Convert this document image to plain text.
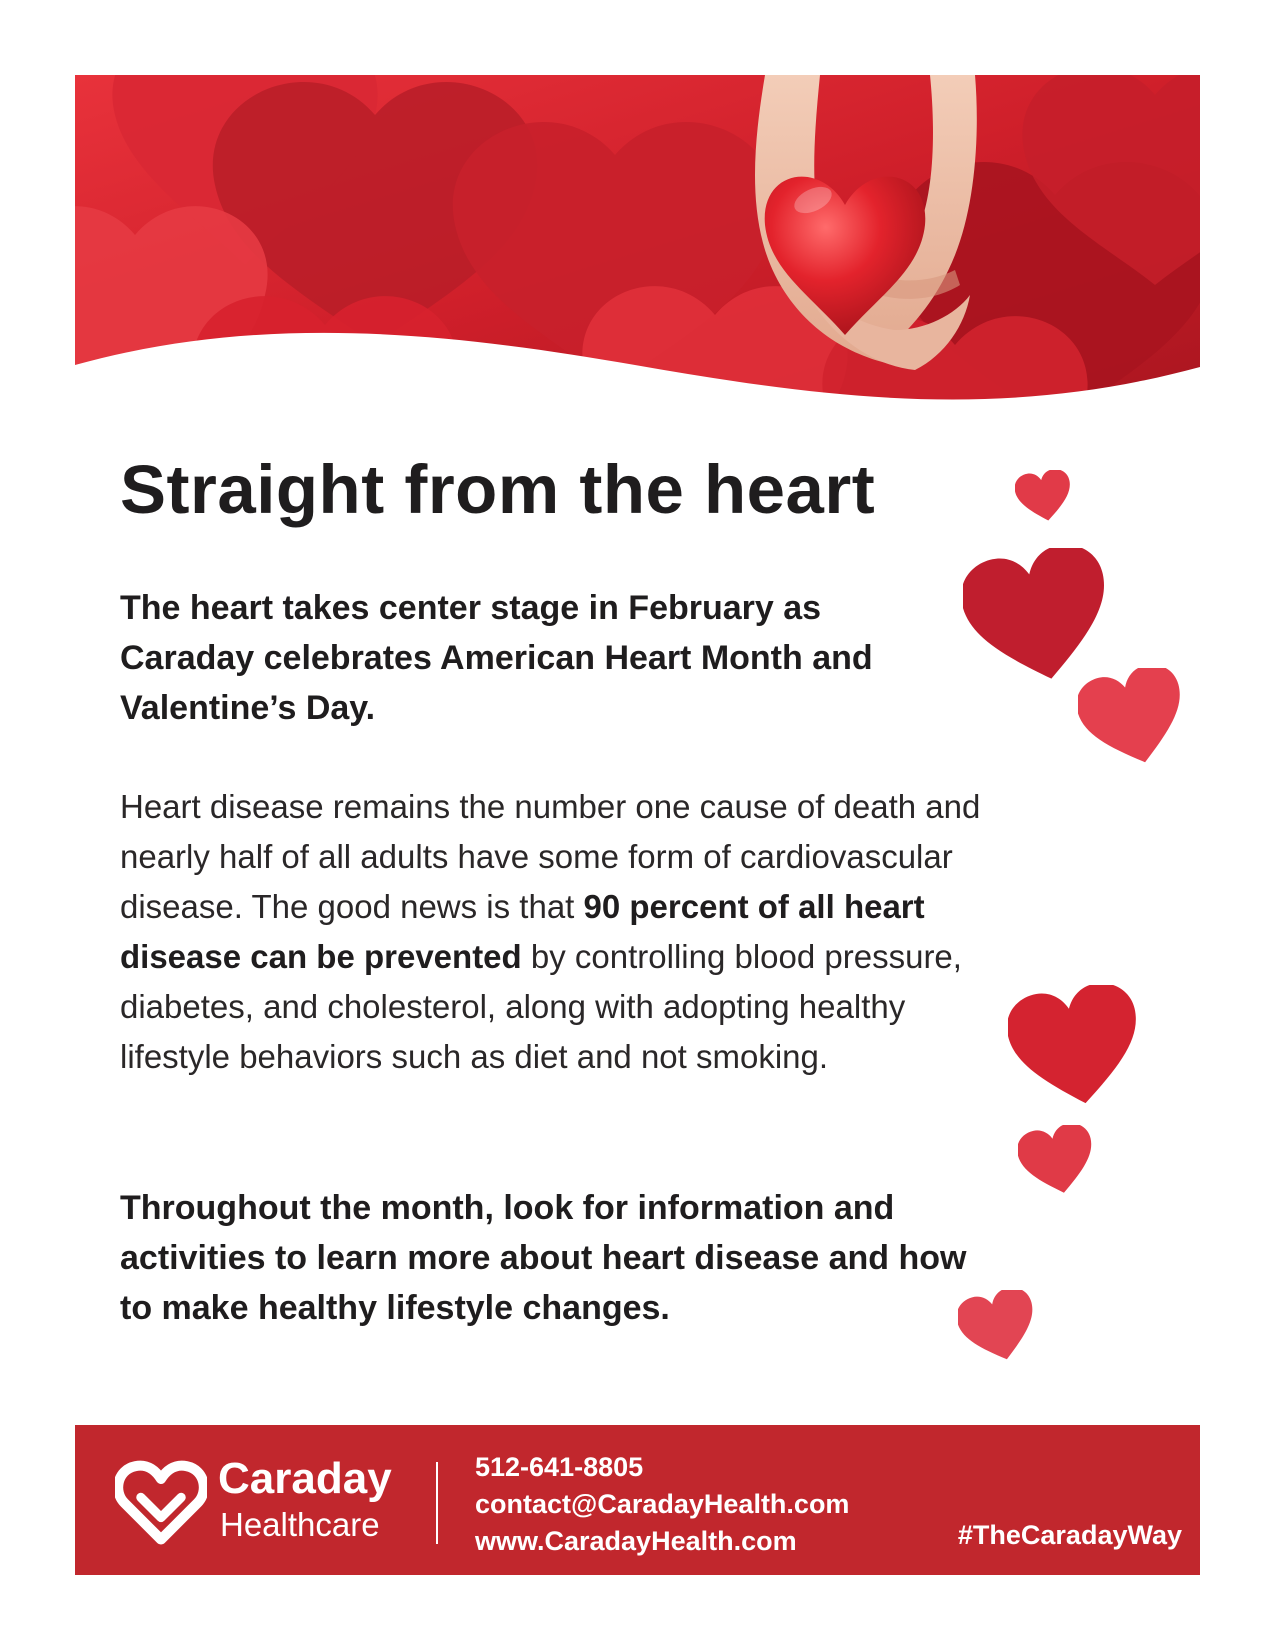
Straight from the heart

The heart takes center stage in February as Caraday celebrates American Heart Month and Valentine’s Day.

Heart disease remains the number one cause of death and nearly half of all adults have some form of cardiovascular disease. The good news is that 90 percent of all heart disease can be prevented by controlling blood pressure, diabetes, and cholesterol, along with adopting healthy lifestyle behaviors such as diet and not smoking.

Throughout the month, look for information and activities to learn more about heart disease and how to make healthy lifestyle changes.

Caraday
Healthcare
512-641-8805
contact@CaradayHealth.com
www.CaradayHealth.com	#TheCaradayWay
